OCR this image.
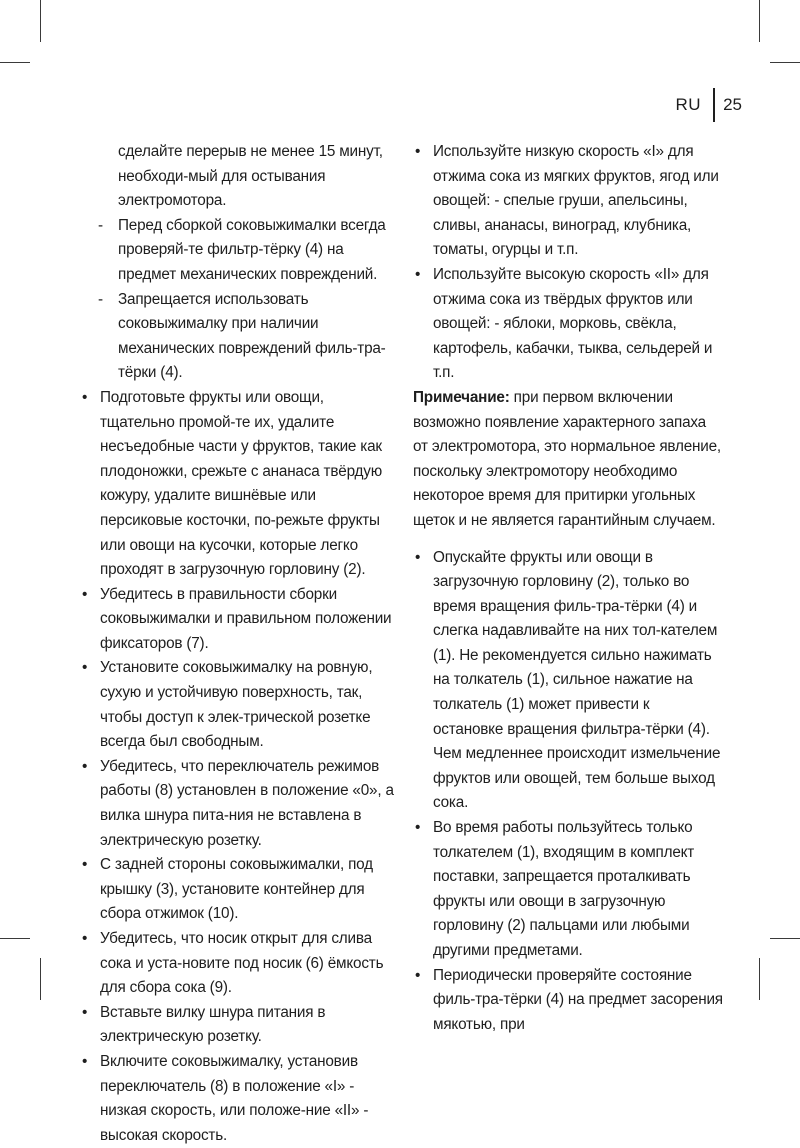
RU 25

сделайте перерыв не менее 15 минут, необходи-мый для остывания электромотора.

- Перед сборкой соковыжималки всегда проверяй-те фильтр-тёрку (4) на предмет механических повреждений.

- Запрещается использовать соковыжималку при наличии механических повреждений филь-тра-тёрки (4).

• Подготовьте фрукты или овощи, тщательно промой-те их, удалите несъедобные части у фруктов, такие как плодоножки, срежьте с ананаса твёрдую кожуру, удалите вишнёвые или персиковые косточки, по-режьте фрукты или овощи на кусочки, которые легко проходят в загрузочную горловину (2).

• Убедитесь в правильности сборки соковыжималки и правильном положении фиксаторов (7).

• Установите соковыжималку на ровную, сухую и устойчивую поверхность, так, чтобы доступ к элек-трической розетке всегда был свободным.

• Убедитесь, что переключатель режимов работы (8) установлен в положение «0», а вилка шнура пита-ния не вставлена в электрическую розетку.

• С задней стороны соковыжималки, под крышку (3), установите контейнер для сбора отжимок (10).

• Убедитесь, что носик открыт для слива сока и уста-новите под носик (6) ёмкость для сбора сока (9).

• Вставьте вилку шнура питания в электрическую розетку.

• Включите соковыжималку, установив переключатель (8) в положение «I» - низкая скорость, или положе-ние «II» - высокая скорость.

• Используйте низкую скорость «I» для отжима сока из мягких фруктов, ягод или овощей: - спелые груши, апельсины, сливы, ананасы, виноград, клубника, томаты, огурцы и т.п.

• Используйте высокую скорость «II» для отжима сока из твёрдых фруктов или овощей: - яблоки, морковь, свёкла, картофель, кабачки, тыква, сельдерей и т.п.

Примечание: при первом включении возможно появление характерного запаха от электромотора, это нормальное явление, поскольку электромотору необходимо некоторое время для притирки угольных щеток и не является гарантийным случаем.

• Опускайте фрукты или овощи в загрузочную горловину (2), только во время вращения филь-тра-тёрки (4) и слегка надавливайте на них тол-кателем (1). Не рекомендуется сильно нажимать на толкатель (1), сильное нажатие на толкатель (1) может привести к остановке вращения фильтра-тёрки (4). Чем медленнее происходит измельчение фруктов или овощей, тем больше выход сока.

• Во время работы пользуйтесь только толкателем (1), входящим в комплект поставки, запрещается проталкивать фрукты или овощи в загрузочную горловину (2) пальцами или любыми другими предметами.

• Периодически проверяйте состояние филь-тра-тёрки (4) на предмет засорения мякотью, при
